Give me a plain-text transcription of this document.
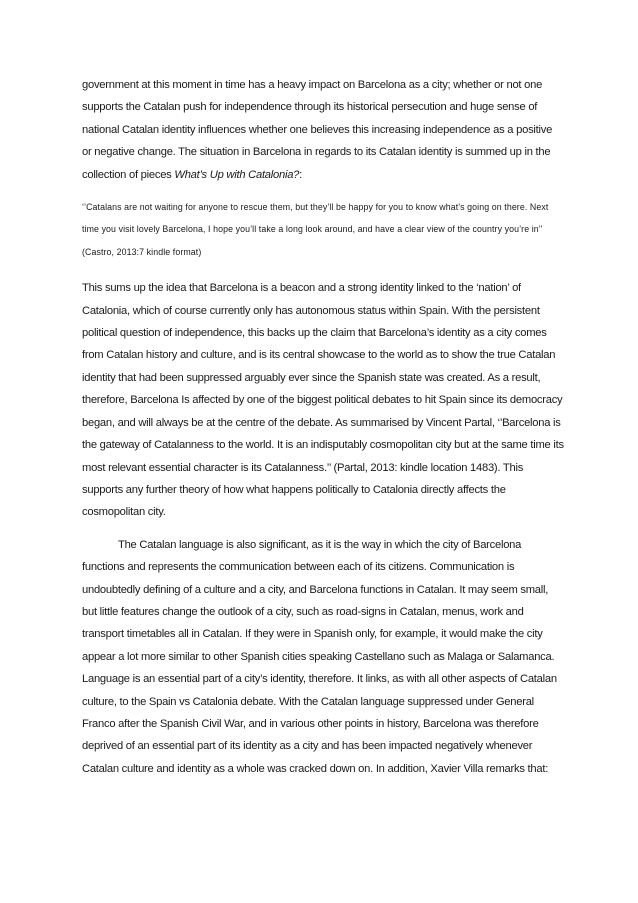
government at this moment in time has a heavy impact on Barcelona as a city; whether or not one supports the Catalan push for independence through its historical persecution and huge sense of national Catalan identity influences whether one believes this increasing independence as a positive or negative change. The situation in Barcelona in regards to its Catalan identity is summed up in the collection of pieces What’s Up with Catalonia?:

‘’Catalans are not waiting for anyone to rescue them, but they’ll be happy for you to know what’s going on there. Next time you visit lovely Barcelona, I hope you’ll take a long look around, and have a clear view of the country you’re in’’ (Castro, 2013:7 kindle format)

This sums up the idea that Barcelona is a beacon and a strong identity linked to the ‘nation’ of Catalonia, which of course currently only has autonomous status within Spain. With the persistent political question of independence, this backs up the claim that Barcelona’s identity as a city comes from Catalan history and culture, and is its central showcase to the world as to show the true Catalan identity that had been suppressed arguably ever since the Spanish state was created. As a result, therefore, Barcelona Is affected by one of the biggest political debates to hit Spain since its democracy began, and will always be at the centre of the debate. As summarised by Vincent Partal, ‘’Barcelona is the gateway of Catalanness to the world. It is an indisputably cosmopolitan city but at the same time its most relevant essential character is its Catalanness.’’ (Partal, 2013: kindle location 1483). This supports any further theory of how what happens politically to Catalonia directly affects the cosmopolitan city.

The Catalan language is also significant, as it is the way in which the city of Barcelona functions and represents the communication between each of its citizens. Communication is undoubtedly defining of a culture and a city, and Barcelona functions in Catalan. It may seem small, but little features change the outlook of a city, such as road-signs in Catalan, menus, work and transport timetables all in Catalan. If they were in Spanish only, for example, it would make the city appear a lot more similar to other Spanish cities speaking Castellano such as Malaga or Salamanca. Language is an essential part of a city’s identity, therefore. It links, as with all other aspects of Catalan culture, to the Spain vs Catalonia debate. With the Catalan language suppressed under General Franco after the Spanish Civil War, and in various other points in history, Barcelona was therefore deprived of an essential part of its identity as a city and has been impacted negatively whenever Catalan culture and identity as a whole was cracked down on. In addition, Xavier Villa remarks that:
